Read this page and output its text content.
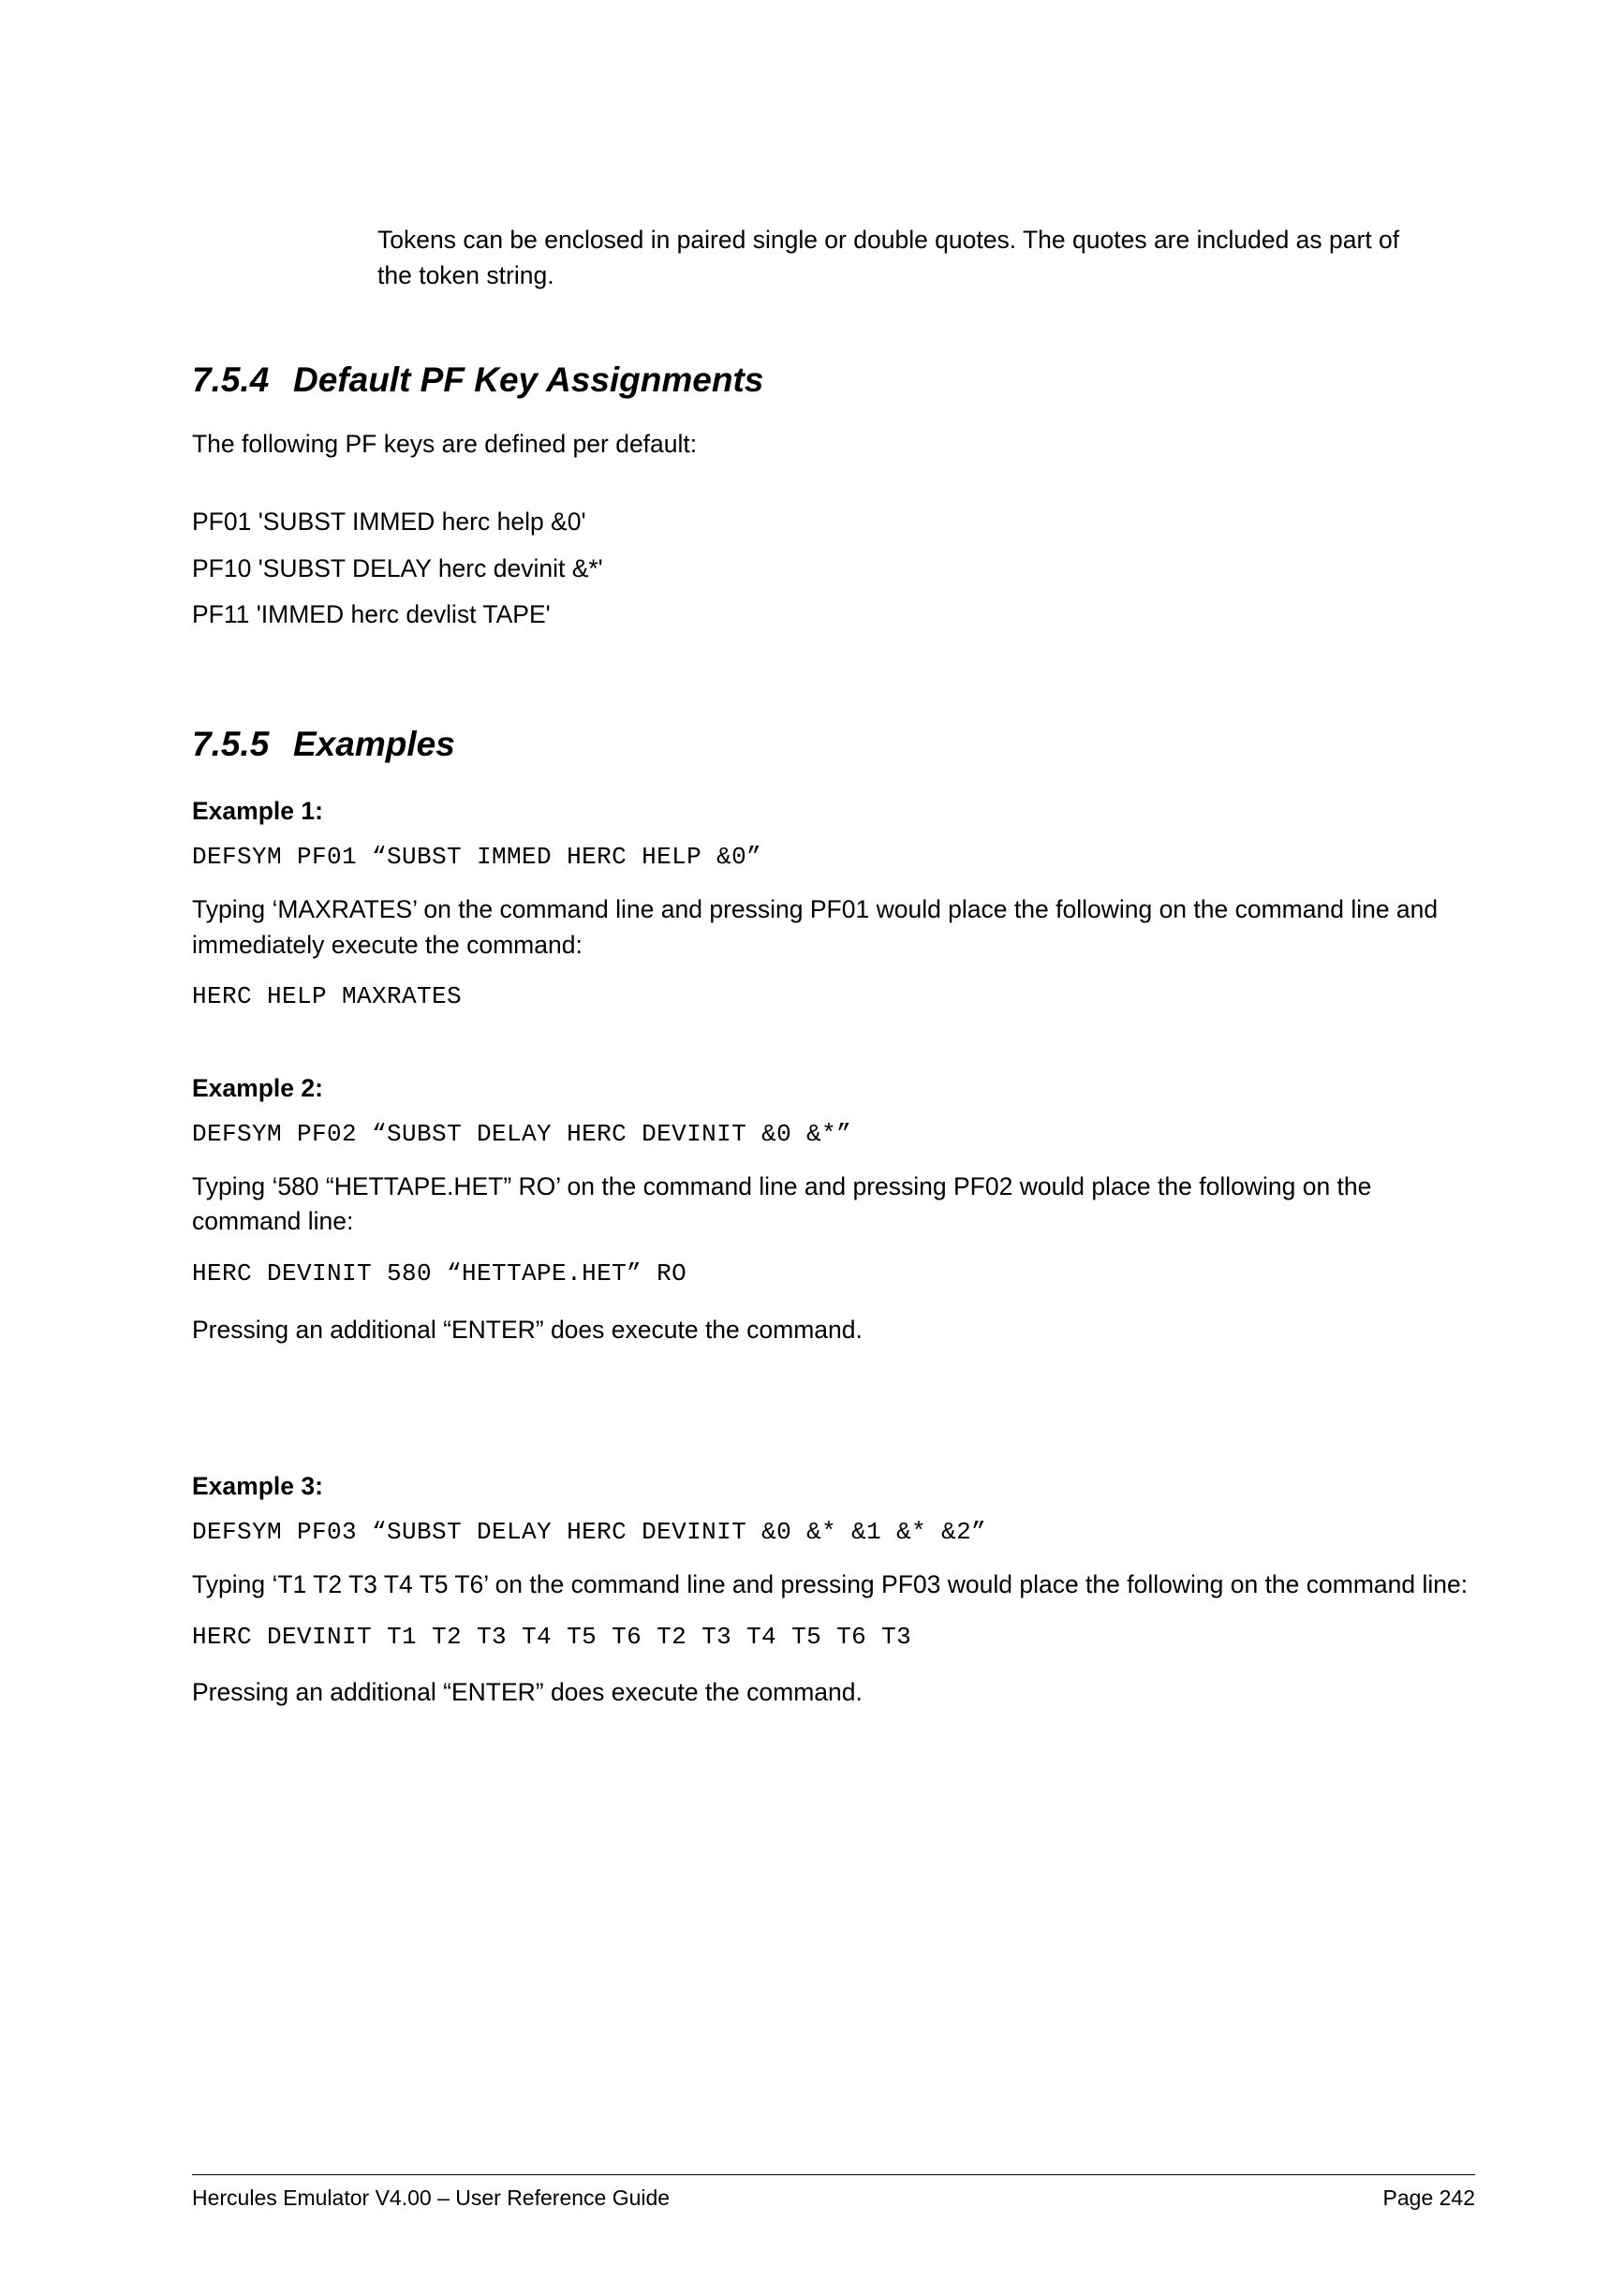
Tokens can be enclosed in paired single or double quotes. The quotes are included as part of the token string.

7.5.4 Default PF Key Assignments

The following PF keys are defined per default:

PF01 'SUBST IMMED herc help &0'

PF10 'SUBST DELAY herc devinit &*'

PF11 'IMMED herc devlist TAPE'

7.5.5 Examples

Example 1:

DEFSYM PF01 “SUBST IMMED HERC HELP &0”

Typing ‘MAXRATES’ on the command line and pressing PF01 would place the following on the command line and immediately execute the command:

HERC HELP MAXRATES

Example 2:

DEFSYM PF02 “SUBST DELAY HERC DEVINIT &0 &*”

Typing ‘580 “HETTAPE.HET” RO’ on the command line and pressing PF02 would place the following on the command line:

HERC DEVINIT 580 “HETTAPE.HET” RO

Pressing an additional “ENTER” does execute the command.

Example 3:

DEFSYM PF03 “SUBST DELAY HERC DEVINIT &0 &* &1 &* &2”

Typing ‘T1 T2 T3 T4 T5 T6’ on the command line and pressing PF03 would place the following on the command line:

HERC DEVINIT T1 T2 T3 T4 T5 T6 T2 T3 T4 T5 T6 T3

Pressing an additional “ENTER” does execute the command.

Hercules Emulator V4.00 – User Reference Guide	Page 242
